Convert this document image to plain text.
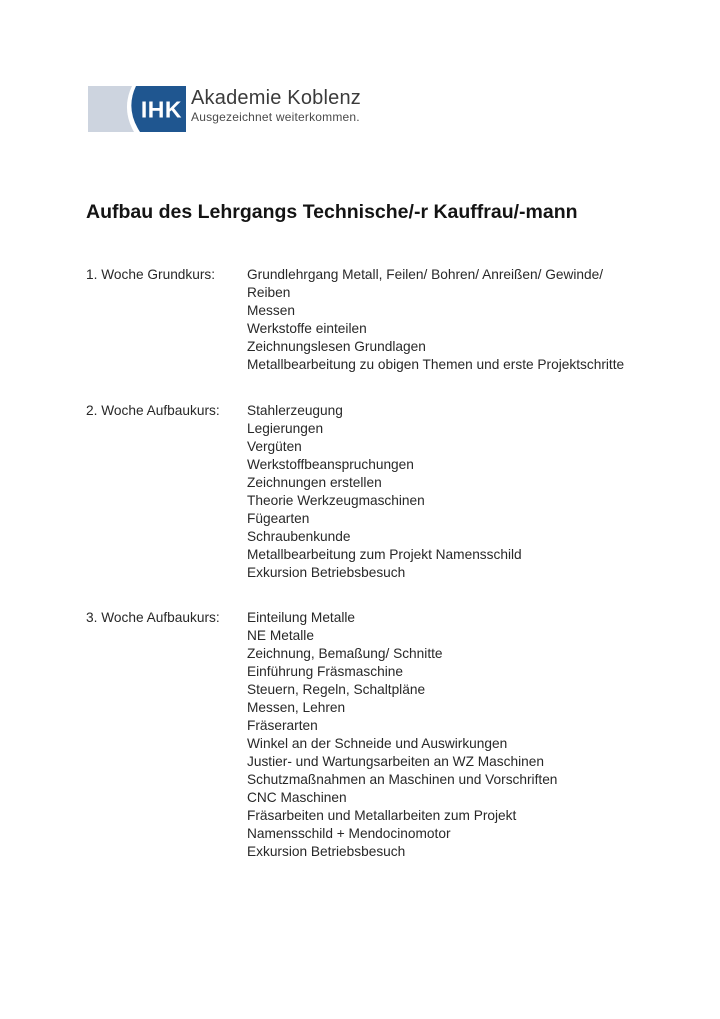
IHK Akademie Koblenz
Ausgezeichnet weiterkommen.
Aufbau des Lehrgangs Technische/-r Kauffrau/-mann
1. Woche Grundkurs:	Grundlehrgang Metall, Feilen/ Bohren/ Anreißen/ Gewinde/
Reiben
Messen
Werkstoffe einteilen
Zeichnungslesen Grundlagen
Metallbearbeitung zu obigen Themen und erste Projektschritte
2. Woche Aufbaukurs:	Stahlerzeugung
Legierungen
Vergüten
Werkstoffbeanspruchungen
Zeichnungen erstellen
Theorie Werkzeugmaschinen
Fügearten
Schraubenkunde
Metallbearbeitung zum Projekt Namensschild
Exkursion Betriebsbesuch
3. Woche Aufbaukurs:	Einteilung Metalle
NE Metalle
Zeichnung, Bemaßung/ Schnitte
Einführung Fräsmaschine
Steuern, Regeln, Schaltpläne
Messen, Lehren
Fräserarten
Winkel an der Schneide und Auswirkungen
Justier- und Wartungsarbeiten an WZ Maschinen
Schutzmaßnahmen an Maschinen und Vorschriften
CNC Maschinen
Fräsarbeiten und Metallarbeiten zum Projekt
Namensschild + Mendocinomotor
Exkursion Betriebsbesuch
